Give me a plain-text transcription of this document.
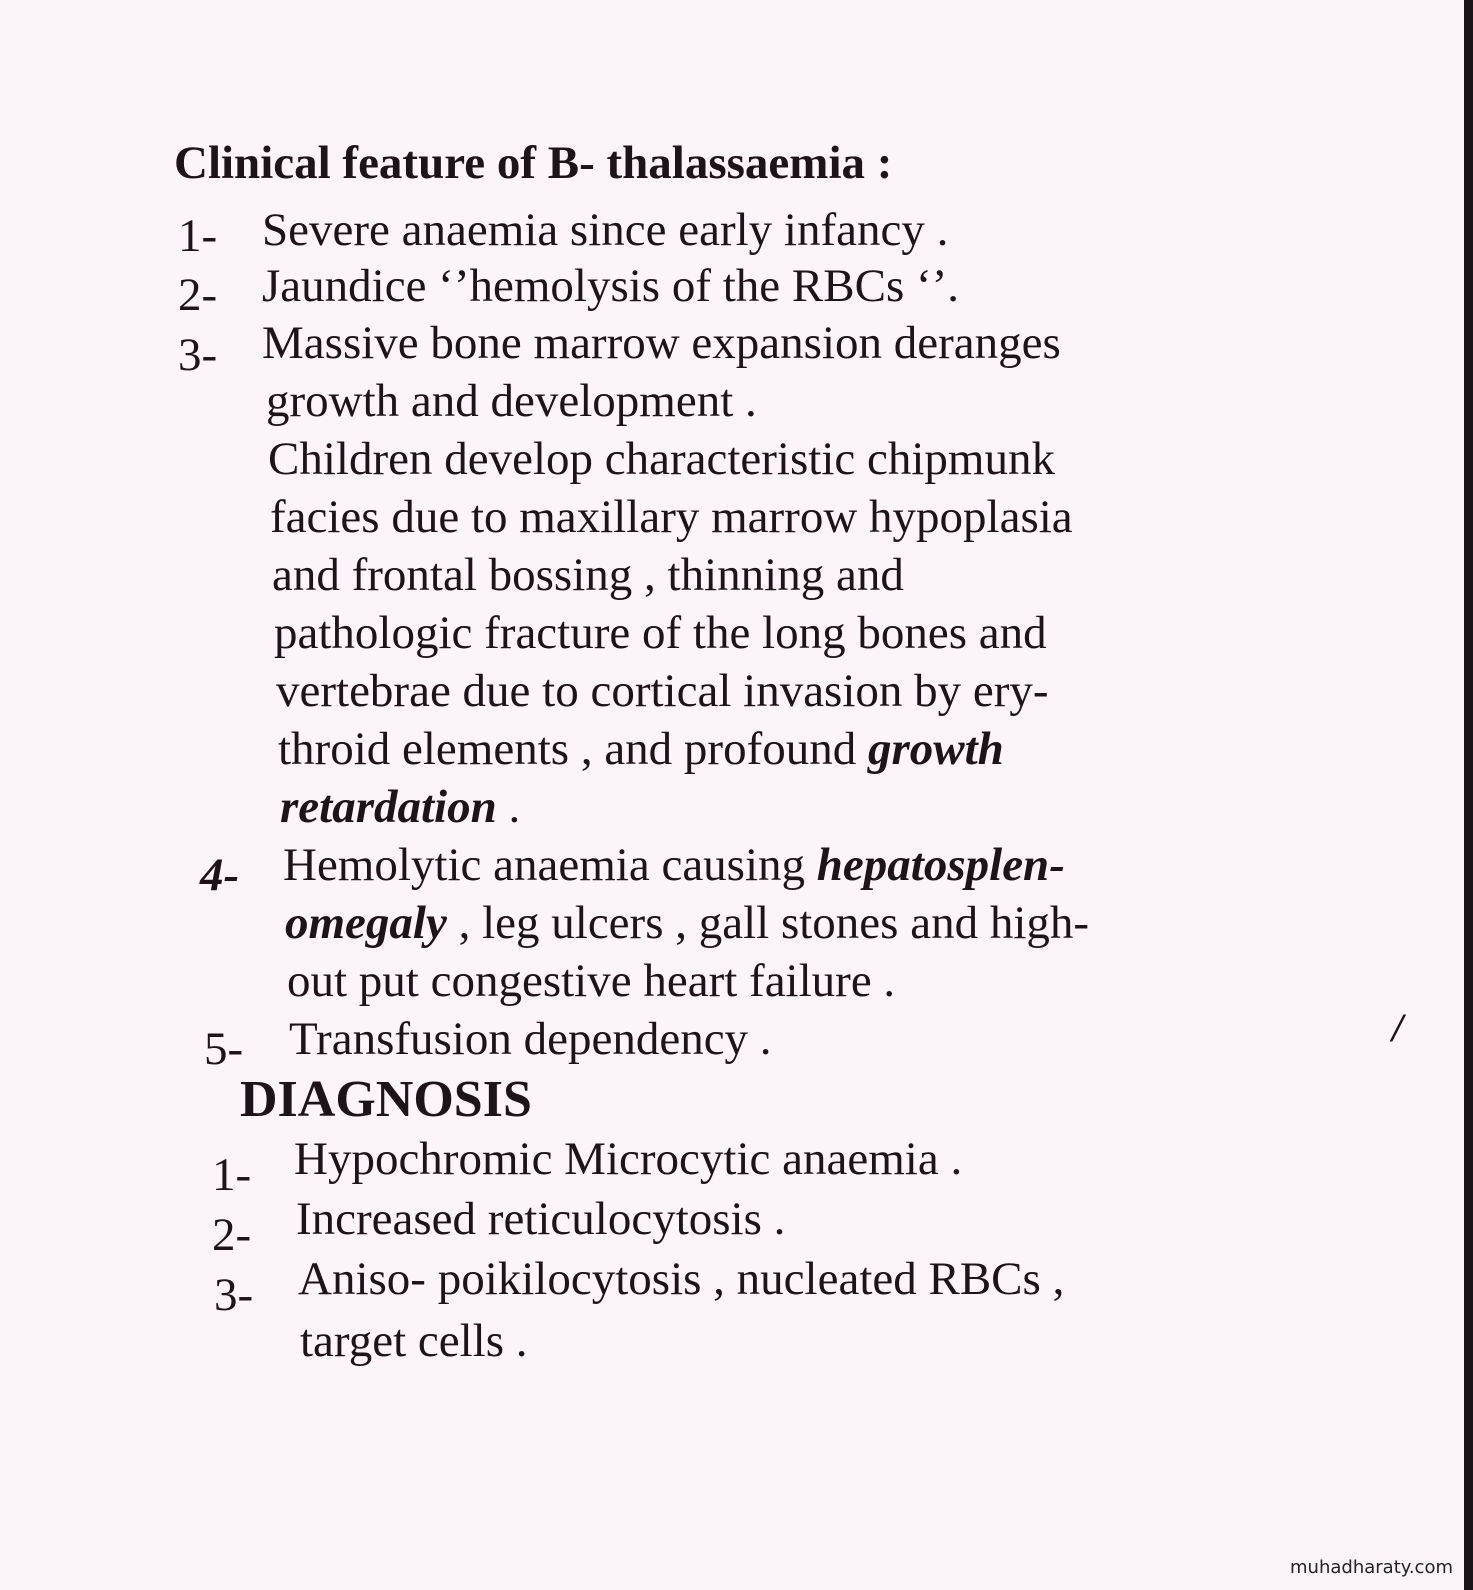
Clinical feature of B- thalassaemia :
1- Severe anaemia since early infancy .
2- Jaundice ‘’hemolysis of the RBCs ‘’.
3- Massive bone marrow expansion deranges
growth and development .
Children develop characteristic chipmunk
facies due to maxillary marrow hypoplasia
and frontal bossing , thinning and
pathologic fracture of the long bones and
vertebrae due to cortical invasion by ery-
throid elements , and profound growth
retardation .
4- Hemolytic anaemia causing hepatosplen-
omegaly , leg ulcers , gall stones and high-
out put congestive heart failure .
5- Transfusion dependency .	/
DIAGNOSIS
1- Hypochromic Microcytic anaemia .
2- Increased reticulocytosis .
3- Aniso- poikilocytosis , nucleated RBCs ,
target cells .
muhadharaty.com
